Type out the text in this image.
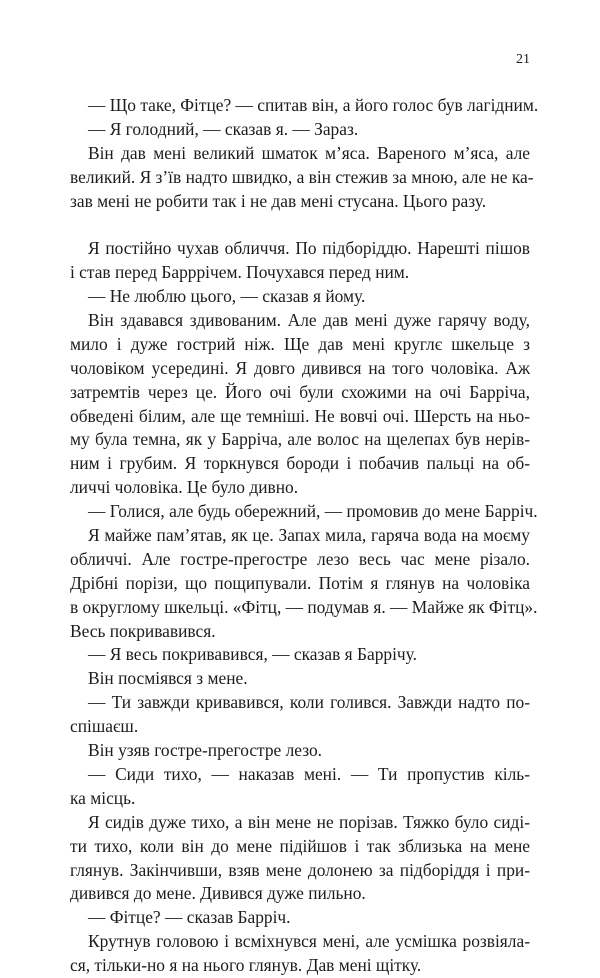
21
— Що таке, Фітце? — спитав він, а його голос був лагідним.
— Я голодний, — сказав я. — Зараз.
Він дав мені великий шматок м’яса. Вареного м’яса, але
великий. Я з’їв надто швидко, а він стежив за мною, але не ка-
зав мені не робити так і не дав мені стусана. Цього разу.
Я постійно чухав обличчя. По підборіддю. Нарешті пішов
і став перед Барррічем. Почухався перед ним.
— Не люблю цього, — сказав я йому.
Він здавався здивованим. Але дав мені дуже гарячу воду,
мило і дуже гострий ніж. Ще дав мені круглє шкельце з
чоловіком усередині. Я довго дивився на того чоловіка. Аж
затремтів через це. Його очі були схожими на очі Барріча,
обведені білим, але ще темніші. Не вовчі очі. Шерсть на ньо-
му була темна, як у Барріча, але волос на щелепах був нерів-
ним і грубим. Я торкнувся бороди і побачив пальці на об-
личчі чоловіка. Це було дивно.
— Голися, але будь обережний, — промовив до мене Барріч.
Я майже пам’ятав, як це. Запах мила, гаряча вода на моєму
обличчі. Але гостре-прегостре лезо весь час мене різало.
Дрібні порізи, що пощипували. Потім я глянув на чоловіка
в округлому шкельці. «Фітц, — подумав я. — Майже як Фітц».
Весь покривавився.
— Я весь покривавився, — сказав я Баррічу.
Він посміявся з мене.
— Ти завжди кривавився, коли голився. Завжди надто по-
спішаєш.
Він узяв гостре-прегостре лезо.
— Сиди тихо, — наказав мені. — Ти пропустив кіль-
ка місць.
Я сидів дуже тихо, а він мене не порізав. Тяжко було сиді-
ти тихо, коли він до мене підійшов і так зблизька на мене
глянув. Закінчивши, взяв мене долонею за підборіддя і при-
дивився до мене. Дивився дуже пильно.
— Фітце? — сказав Барріч.
Крутнув головою і всміхнувся мені, але усмішка розвіяла-
ся, тільки-но я на нього глянув. Дав мені щітку.
